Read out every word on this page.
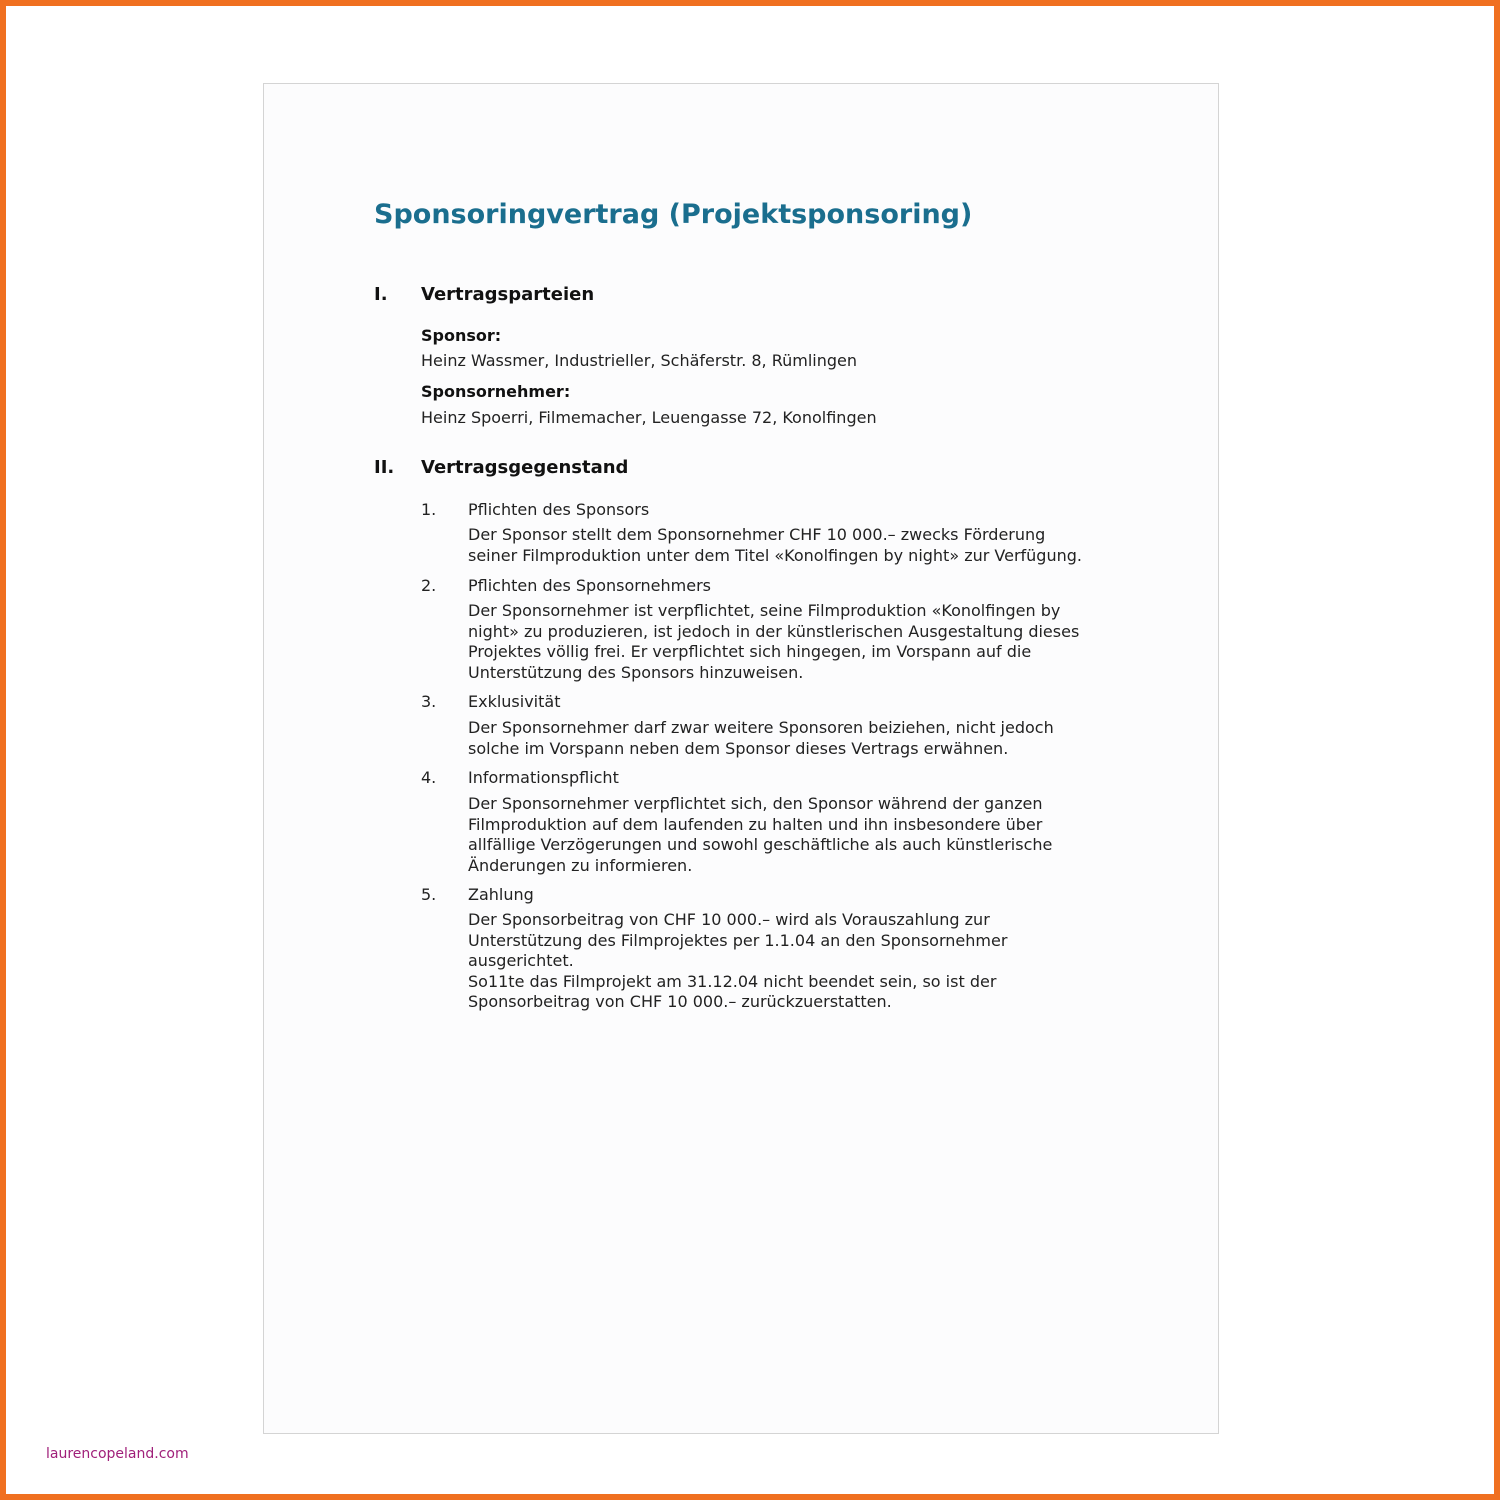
Sponsoringvertrag (Projektsponsoring)
I. Vertragsparteien
Sponsor:
Heinz Wassmer, Industrieller, Schäferstr. 8, Rümlingen
Sponsornehmer:
Heinz Spoerri, Filmemacher, Leuengasse 72, Konolfingen
II. Vertragsgegenstand
1. Pflichten des Sponsors
Der Sponsor stellt dem Sponsornehmer CHF 10 000.– zwecks Förderung
seiner Filmproduktion unter dem Titel «Konolfingen by night» zur Verfügung.
2. Pflichten des Sponsornehmers
Der Sponsornehmer ist verpflichtet, seine Filmproduktion «Konolfingen by
night» zu produzieren, ist jedoch in der künstlerischen Ausgestaltung dieses
Projektes völlig frei. Er verpflichtet sich hingegen, im Vorspann auf die
Unterstützung des Sponsors hinzuweisen.
3. Exklusivität
Der Sponsornehmer darf zwar weitere Sponsoren beiziehen, nicht jedoch
solche im Vorspann neben dem Sponsor dieses Vertrags erwähnen.
4. Informationspflicht
Der Sponsornehmer verpflichtet sich, den Sponsor während der ganzen
Filmproduktion auf dem laufenden zu halten und ihn insbesondere über
allfällige Verzögerungen und sowohl geschäftliche als auch künstlerische
Änderungen zu informieren.
5. Zahlung
Der Sponsorbeitrag von CHF 10 000.– wird als Vorauszahlung zur
Unterstützung des Filmprojektes per 1.1.04 an den Sponsornehmer
ausgerichtet.
So11te das Filmprojekt am 31.12.04 nicht beendet sein, so ist der
Sponsorbeitrag von CHF 10 000.– zurückzuerstatten.
laurencopeland.com
